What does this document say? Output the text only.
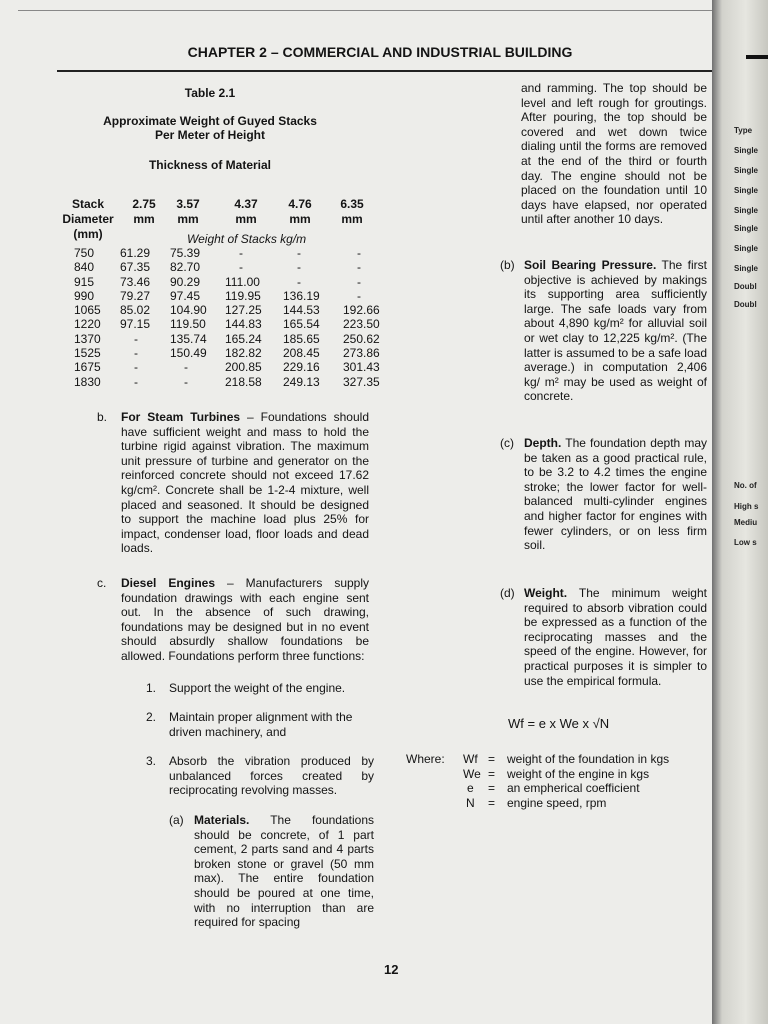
CHAPTER 2 – COMMERCIAL AND INDUSTRIAL BUILDING
Table 2.1
Approximate Weight of Guyed Stacks
Per Meter of Height
Thickness of Material
Stack
Diameter
(mm)
2.75	3.57	4.37	4.76	6.35
mm	mm	mm	mm	mm
Weight of Stacks kg/m
750	61.29	75.39	-	-	-
840	67.35	82.70	-	-	-
915	73.46	90.29	111.00	-	-
990	79.27	97.45	119.95	136.19	-
1065	85.02	104.90	127.25	144.53	192.66
1220	97.15	119.50	144.83	165.54	223.50
1370	-	135.74	165.24	185.65	250.62
1525	-	150.49	182.82	208.45	273.86
1675	-	-	200.85	229.16	301.43
1830	-	-	218.58	249.13	327.35
b. For Steam Turbines – Foundations should have sufficient weight and mass to hold the turbine rigid against vibration. The maximum unit pressure of turbine and generator on the reinforced concrete should not exceed 17.62 kg/cm². Concrete shall be 1-2-4 mixture, well placed and seasoned. It should be designed to support the machine load plus 25% for impact, condenser load, floor loads and dead loads.
c. Diesel Engines – Manufacturers supply foundation drawings with each engine sent out. In the absence of such drawing, foundations may be designed but in no event should absurdly shallow foundations be allowed. Foundations perform three functions:
1. Support the weight of the engine.
2. Maintain proper alignment with the driven machinery, and
3. Absorb the vibration produced by unbalanced forces created by reciprocating revolving masses.
(a) Materials. The foundations should be concrete, of 1 part cement, 2 parts sand and 4 parts broken stone or gravel (50 mm max). The entire foundation should be poured at one time, with no interruption than are required for spacing
and ramming. The top should be level and left rough for groutings. After pouring, the top should be covered and wet down twice dialing until the forms are removed at the end of the third or fourth day. The engine should not be placed on the foundation until 10 days have elapsed, nor operated until after another 10 days.
(b) Soil Bearing Pressure. The first objective is achieved by makings its supporting area sufficiently large. The safe loads vary from about 4,890 kg/m² for alluvial soil or wet clay to 12,225 kg/m². (The latter is assumed to be a safe load average.) in computation 2,406 kg/ m² may be used as weight of concrete.
(c) Depth. The foundation depth may be taken as a good practical rule, to be 3.2 to 4.2 times the engine stroke; the lower factor for well-balanced multi-cylinder engines and higher factor for engines with fewer cylinders, or on less firm soil.
(d) Weight. The minimum weight required to absorb vibration could be expressed as a function of the reciprocating masses and the speed of the engine. However, for practical purposes it is simpler to use the empirical formula.
Wf = e x We x √N
Where: Wf = weight of the foundation in kgs
We = weight of the engine in kgs
e	= an empherical coefficient
N	= engine speed, rpm
12
Type
Single
Single
Single
Single
Single
Single
Single
Doubl
Doubl
No. of
High s
Mediu
Low s
